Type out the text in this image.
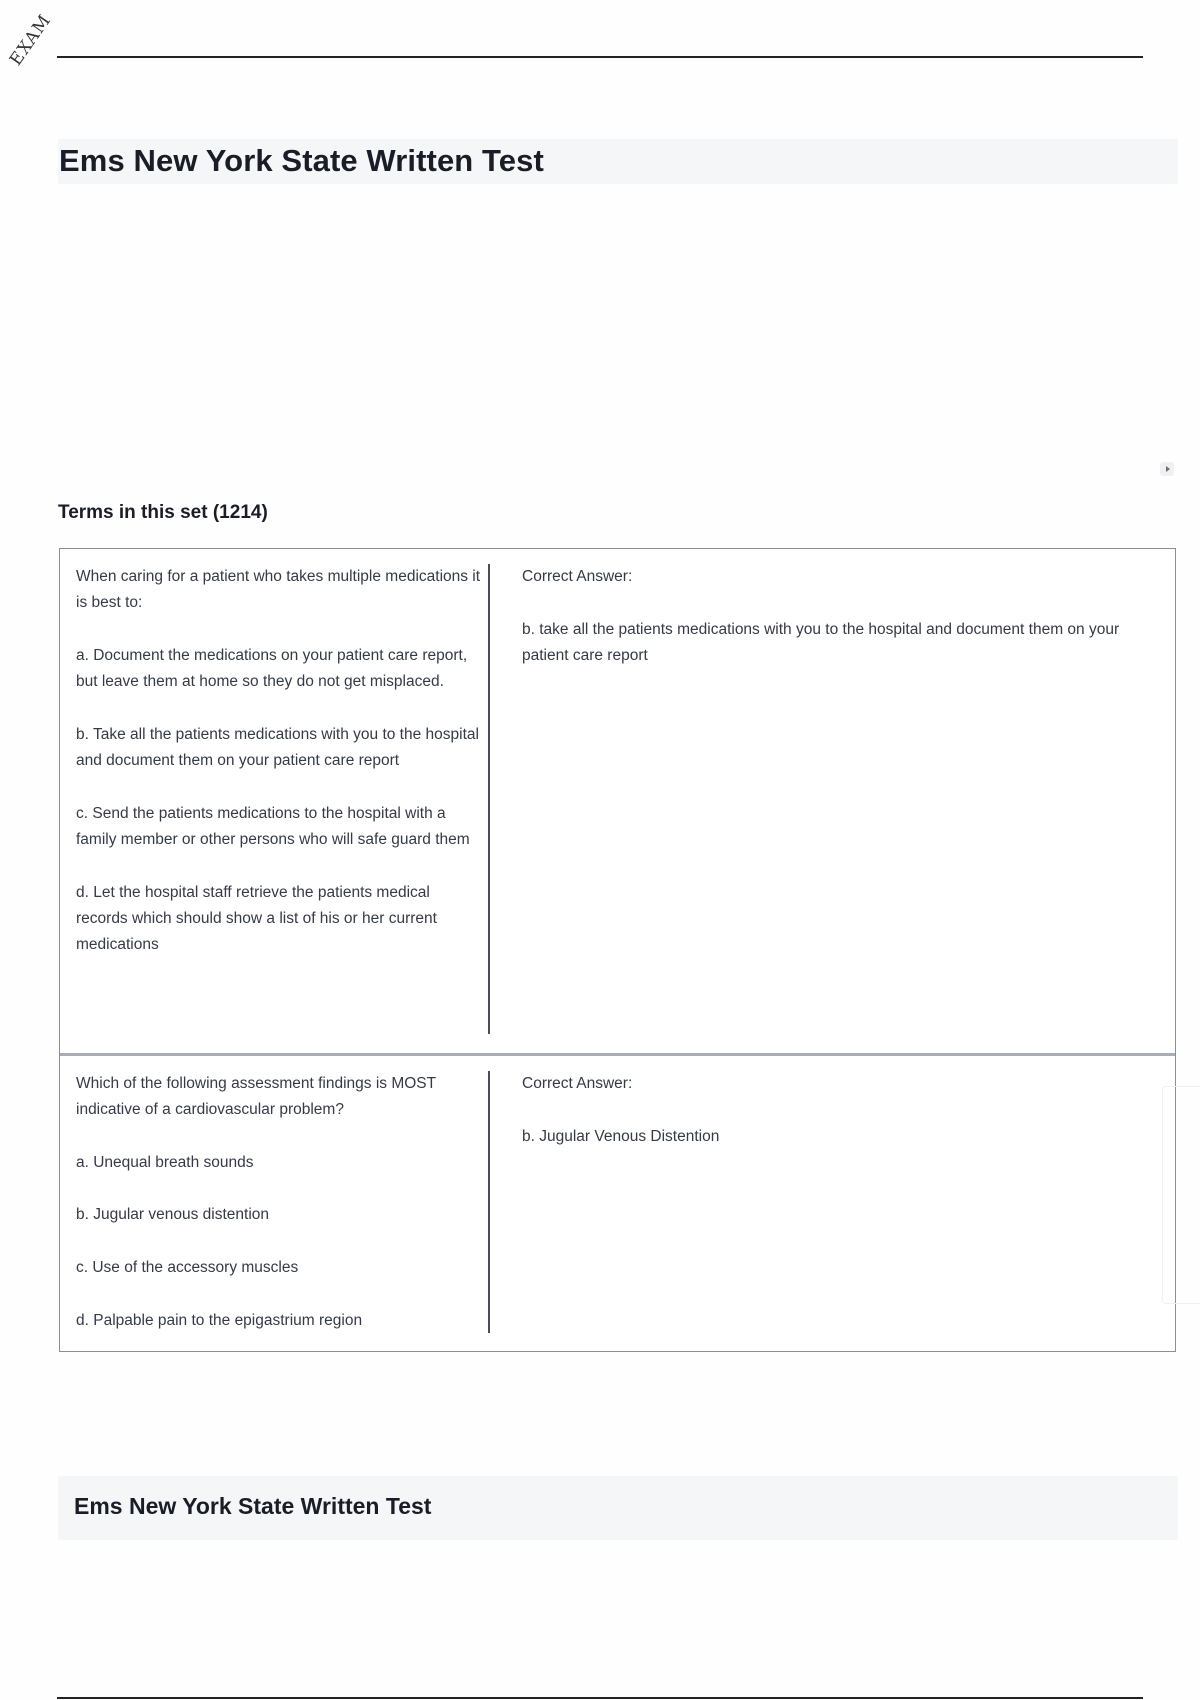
EXAM
Ems New York State Written Test
Terms in this set (1214)

When caring for a patient who takes multiple medications it is best to:

a. Document the medications on your patient care report, but leave them at home so they do not get misplaced.

b. Take all the patients medications with you to the hospital and document them on your patient care report

c. Send the patients medications to the hospital with a family member or other persons who will safe guard them

d. Let the hospital staff retrieve the patients medical records which should show a list of his or her current medications

Correct Answer:

b. take all the patients medications with you to the hospital and document them on your patient care report

Which of the following assessment findings is MOST indicative of a cardiovascular problem?

a. Unequal breath sounds

b. Jugular venous distention

c. Use of the accessory muscles

d. Palpable pain to the epigastrium region

Correct Answer:

b. Jugular Venous Distention

Ems New York State Written Test
